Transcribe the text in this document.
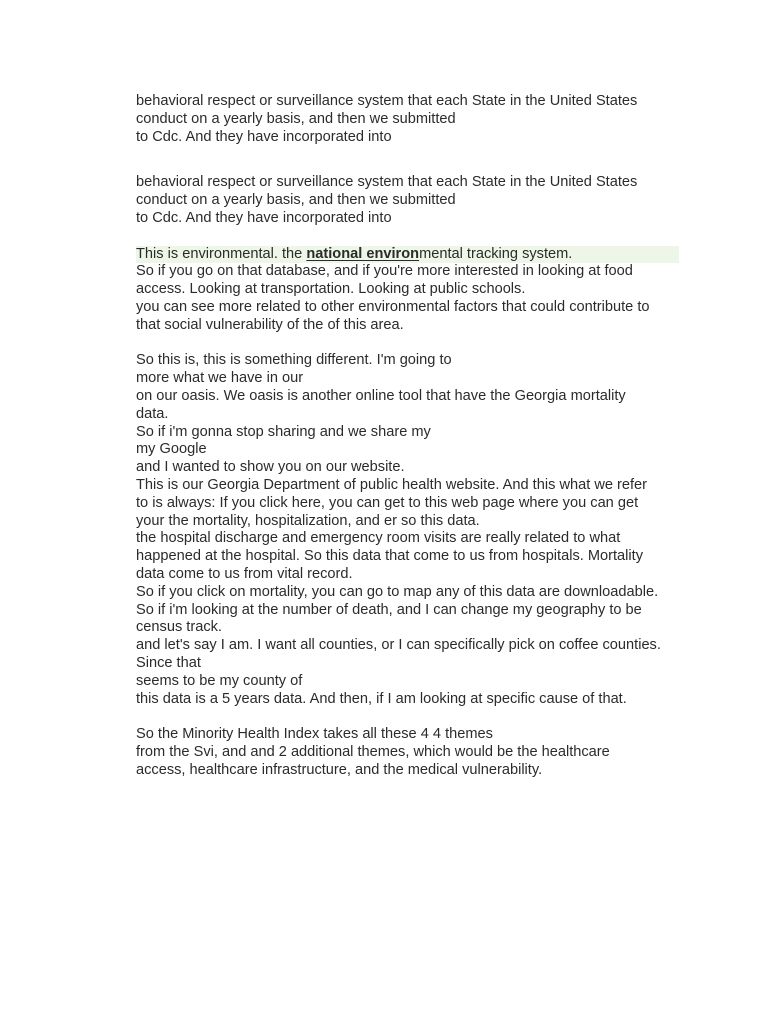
behavioral respect or surveillance system that each State in the United States
conduct on a yearly basis, and then we submitted
to Cdc. And they have incorporated into
behavioral respect or surveillance system that each State in the United States
conduct on a yearly basis, and then we submitted
to Cdc. And they have incorporated into
This is environmental. the national environmental tracking system.
So if you go on that database, and if you're more interested in looking at food
access. Looking at transportation. Looking at public schools.
you can see more related to other environmental factors that could contribute to
that social vulnerability of the of this area.
So this is, this is something different. I'm going to
more what we have in our
on our oasis. We oasis is another online tool that have the Georgia mortality
data.
So if i'm gonna stop sharing and we share my
my Google
and I wanted to show you on our website.
This is our Georgia Department of public health website. And this what we refer
to is always: If you click here, you can get to this web page where you can get
your the mortality, hospitalization, and er so this data.
the hospital discharge and emergency room visits are really related to what
happened at the hospital. So this data that come to us from hospitals. Mortality
data come to us from vital record.
So if you click on mortality, you can go to map any of this data are downloadable.
So if i'm looking at the number of death, and I can change my geography to be
census track.
and let's say I am. I want all counties, or I can specifically pick on coffee counties.
Since that
seems to be my county of
this data is a 5 years data. And then, if I am looking at specific cause of that.
So the Minority Health Index takes all these 4 4 themes
from the Svi, and and 2 additional themes, which would be the healthcare
access, healthcare infrastructure, and the medical vulnerability.
